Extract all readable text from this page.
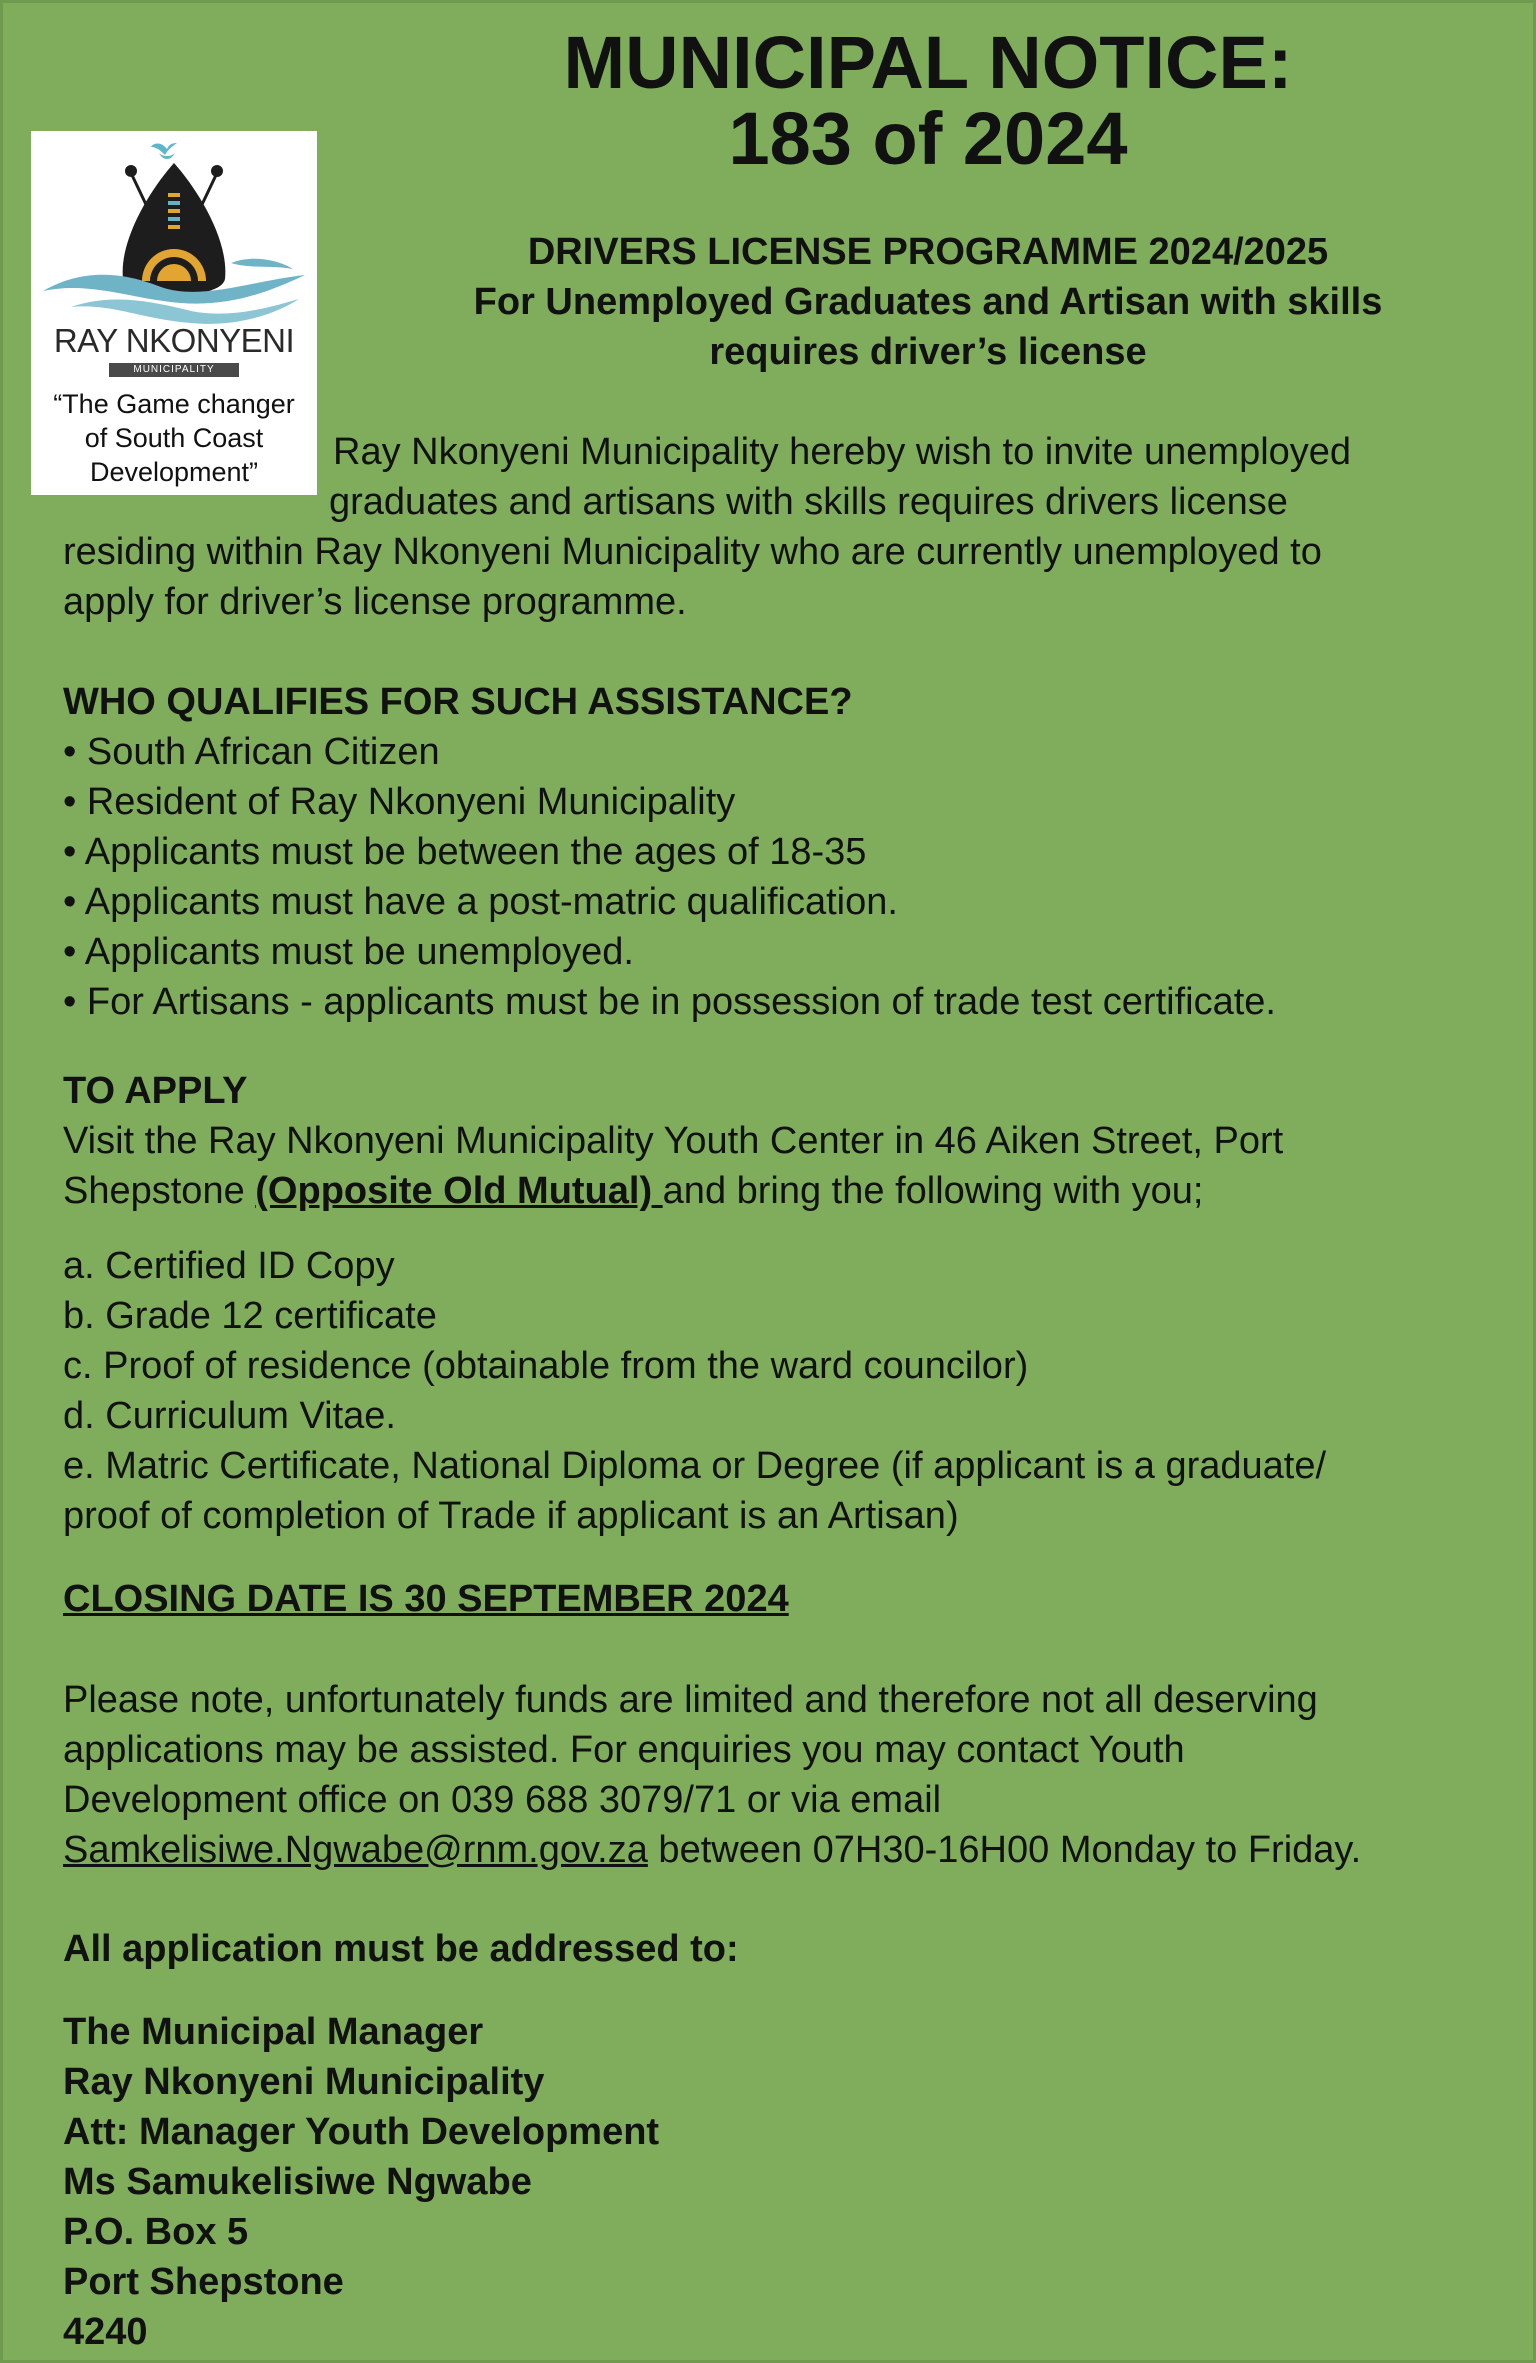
MUNICIPAL NOTICE:
183 of 2024
RAY NKONYENI
MUNICIPALITY
“The Game changer
of South Coast
Development”
DRIVERS LICENSE PROGRAMME 2024/2025
For Unemployed Graduates and Artisan with skills
requires driver’s license

Ray Nkonyeni Municipality hereby wish to invite unemployed
graduates and artisans with skills requires drivers license
residing within Ray Nkonyeni Municipality who are currently unemployed to
apply for driver’s license programme.

WHO QUALIFIES FOR SUCH ASSISTANCE?
• South African Citizen
• Resident of Ray Nkonyeni Municipality
• Applicants must be between the ages of 18-35
• Applicants must have a post-matric qualification.
• Applicants must be unemployed.
• For Artisans - applicants must be in possession of trade test certificate.
TO APPLY
Visit the Ray Nkonyeni Municipality Youth Center in 46 Aiken Street, Port
Shepstone (Opposite Old Mutual) and bring the following with you;
a. Certified ID Copy
b. Grade 12 certificate
c. Proof of residence (obtainable from the ward councilor)
d. Curriculum Vitae.
e. Matric Certificate, National Diploma or Degree (if applicant is a graduate/
proof of completion of Trade if applicant is an Artisan)
CLOSING DATE IS 30 SEPTEMBER 2024
Please note, unfortunately funds are limited and therefore not all deserving
applications may be assisted. For enquiries you may contact Youth
Development office on 039 688 3079/71 or via email
Samkelisiwe.Ngwabe@rnm.gov.za between 07H30-16H00 Monday to Friday.
All application must be addressed to:
The Municipal Manager
Ray Nkonyeni Municipality
Att: Manager Youth Development
Ms Samukelisiwe Ngwabe
P.O. Box 5
Port Shepstone
4240
